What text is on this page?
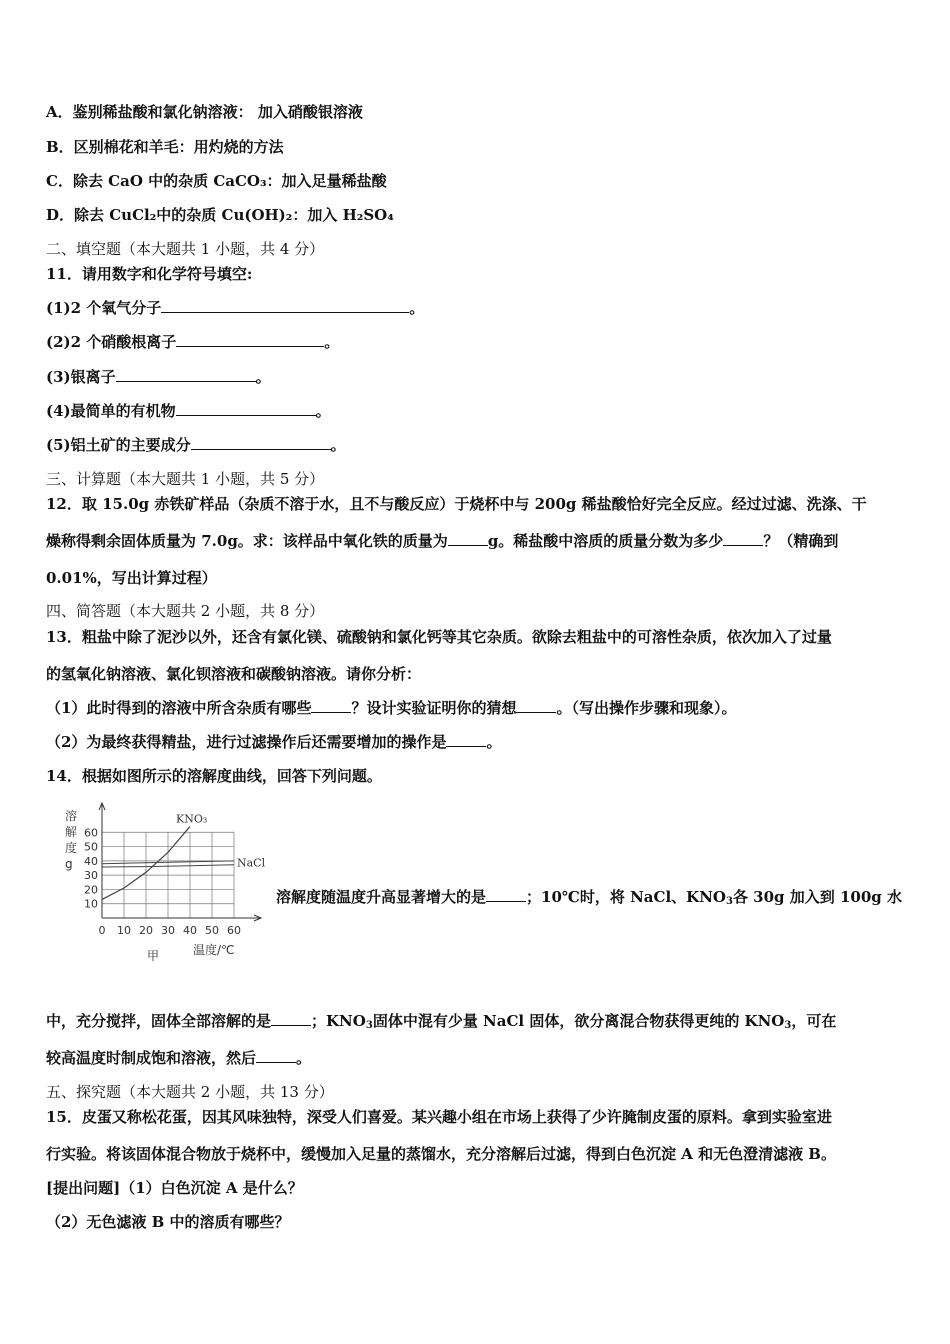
A．鉴别稀盐酸和氯化钠溶液： 加入硝酸银溶液
B．区别棉花和羊毛：用灼烧的方法
C．除去 CaO 中的杂质 CaCO₃：加入足量稀盐酸
D．除去 CuCl₂中的杂质 Cu(OH)₂：加入 H₂SO₄
二、填空题（本大题共 1 小题，共 4 分）
11．请用数字和化学符号填空:
(1)2 个氧气分子	。
(2)2 个硝酸根离子	。
(3)银离子	。
(4)最简单的有机物	。
(5)铝土矿的主要成分	。
三、计算题（本大题共 1 小题，共 5 分）
12．取 15.0g 赤铁矿样品（杂质不溶于水，且不与酸反应）于烧杯中与 200g 稀盐酸恰好完全反应。经过过滤、洗涤、干
燥称得剩余固体质量为 7.0g。求：该样品中氧化铁的质量为	g。稀盐酸中溶质的质量分数为多少	？（精确到
0.01%，写出计算过程）
四、简答题（本大题共 2 小题，共 8 分）
13．粗盐中除了泥沙以外，还含有氯化镁、硫酸钠和氯化钙等其它杂质。欲除去粗盐中的可溶性杂质，依次加入了过量
的氢氧化钠溶液、氯化钡溶液和碳酸钠溶液。请你分析：
（1）此时得到的溶液中所含杂质有哪些	？设计实验证明你的猜想	。（写出操作步骤和现象）。
（2）为最终获得精盐，进行过滤操作后还需要增加的操作是	。
14．根据如图所示的溶解度曲线，回答下列问题。
溶
解
度
g
0 10 20 30 40 50 60
10
20
30
40
50
60
KNO₃
NaCl
温度/℃
甲
溶解度随温度升高显著增大的是	；10℃时，将 NaCl、$KNO_3$各 30g 加入到 100g 水
中，充分搅拌，固体全部溶解的是	；$KNO_3$固体中混有少量 NaCl 固体，欲分离混合物获得更纯的 $KNO_3$，可在
较高温度时制成饱和溶液，然后	。
五、探究题（本大题共 2 小题，共 13 分）
15．皮蛋又称松花蛋，因其风味独特，深受人们喜爱。某兴趣小组在市场上获得了少许腌制皮蛋的原料。拿到实验室进
行实验。将该固体混合物放于烧杯中，缓慢加入足量的蒸馏水，充分溶解后过滤，得到白色沉淀 A 和无色澄清滤液 B。
[提出问题]（1）白色沉淀 A 是什么？
（2）无色滤液 B 中的溶质有哪些？
